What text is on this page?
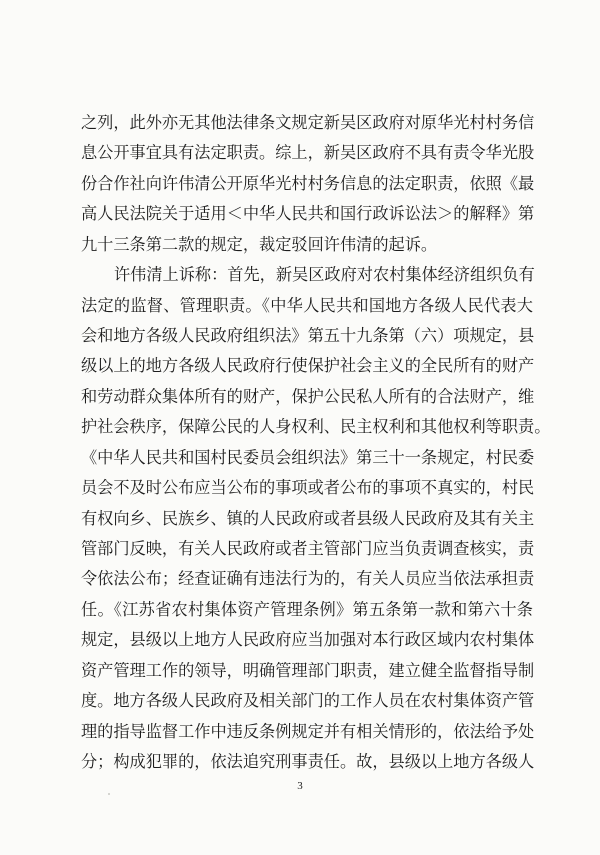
之列，此外亦无其他法律条文规定新吴区政府对原华光村村务信
息公开事宜具有法定职责。综上，新吴区政府不具有责令华光股
份合作社向许伟清公开原华光村村务信息的法定职责，依照《最
高人民法院关于适用＜中华人民共和国行政诉讼法＞的解释》第
九十三条第二款的规定，裁定驳回许伟清的起诉。
许伟清上诉称：首先，新吴区政府对农村集体经济组织负有
法定的监督、管理职责。《中华人民共和国地方各级人民代表大
会和地方各级人民政府组织法》第五十九条第（六）项规定，县
级以上的地方各级人民政府行使保护社会主义的全民所有的财产
和劳动群众集体所有的财产，保护公民私人所有的合法财产，维
护社会秩序，保障公民的人身权利、民主权利和其他权利等职责。
《中华人民共和国村民委员会组织法》第三十一条规定，村民委
员会不及时公布应当公布的事项或者公布的事项不真实的，村民
有权向乡、民族乡、镇的人民政府或者县级人民政府及其有关主
管部门反映，有关人民政府或者主管部门应当负责调查核实，责
令依法公布；经查证确有违法行为的，有关人员应当依法承担责
任。《江苏省农村集体资产管理条例》第五条第一款和第六十条
规定，县级以上地方人民政府应当加强对本行政区域内农村集体
资产管理工作的领导，明确管理部门职责，建立健全监督指导制
度。地方各级人民政府及相关部门的工作人员在农村集体资产管
理的指导监督工作中违反条例规定并有相关情形的，依法给予处
分；构成犯罪的，依法追究刑事责任。故，县级以上地方各级人
3
